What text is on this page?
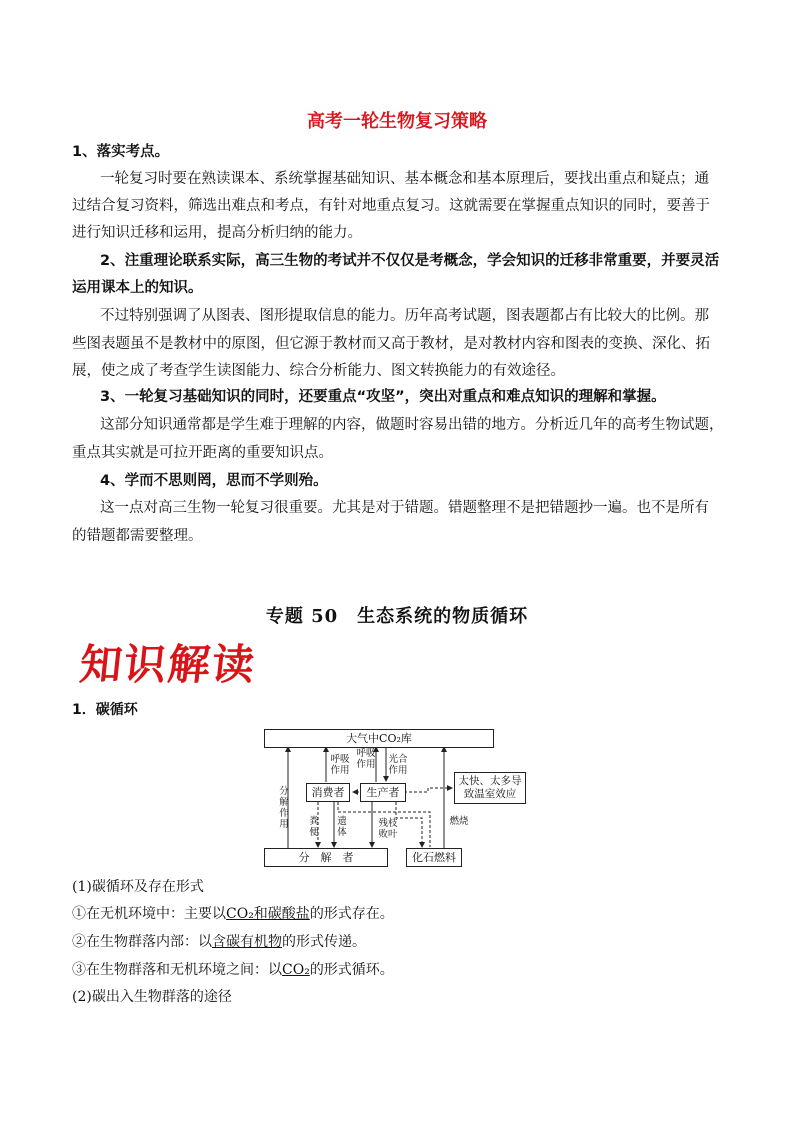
高考一轮生物复习策略
1、落实考点。
一轮复习时要在熟读课本、系统掌握基础知识、基本概念和基本原理后，要找出重点和疑点；通
过结合复习资料，筛选出难点和考点，有针对地重点复习。这就需要在掌握重点知识的同时，要善于
进行知识迁移和运用，提高分析归纳的能力。
2、注重理论联系实际，高三生物的考试并不仅仅是考概念，学会知识的迁移非常重要，并要灵活
运用课本上的知识。
不过特别强调了从图表、图形提取信息的能力。历年高考试题，图表题都占有比较大的比例。那
些图表题虽不是教材中的原图，但它源于教材而又高于教材，是对教材内容和图表的变换、深化、拓
展，使之成了考查学生读图能力、综合分析能力、图文转换能力的有效途径。
3、一轮复习基础知识的同时，还要重点“攻坚”，突出对重点和难点知识的理解和掌握。
这部分知识通常都是学生难于理解的内容，做题时容易出错的地方。分析近几年的高考生物试题，
重点其实就是可拉开距离的重要知识点。
4、学而不思则罔，思而不学则殆。
这一点对高三生物一轮复习很重要。尤其是对于错题。错题整理不是把错题抄一遍。也不是所有
的错题都需要整理。
专题 50　生态系统的物质循环
知识解读
1．碳循环
大气中CO₂库
分解作用
呼吸作用
呼吸作用 光合作用
消费者	生产者
太快、太多导致温室效应
粪便
遗体
残枝败叶
燃烧
分　解　者	化石燃料
(1)碳循环及存在形式
①在无机环境中：主要以CO₂和碳酸盐的形式存在。
②在生物群落内部：以含碳有机物的形式传递。
③在生物群落和无机环境之间：以CO₂的形式循环。
(2)碳出入生物群落的途径
